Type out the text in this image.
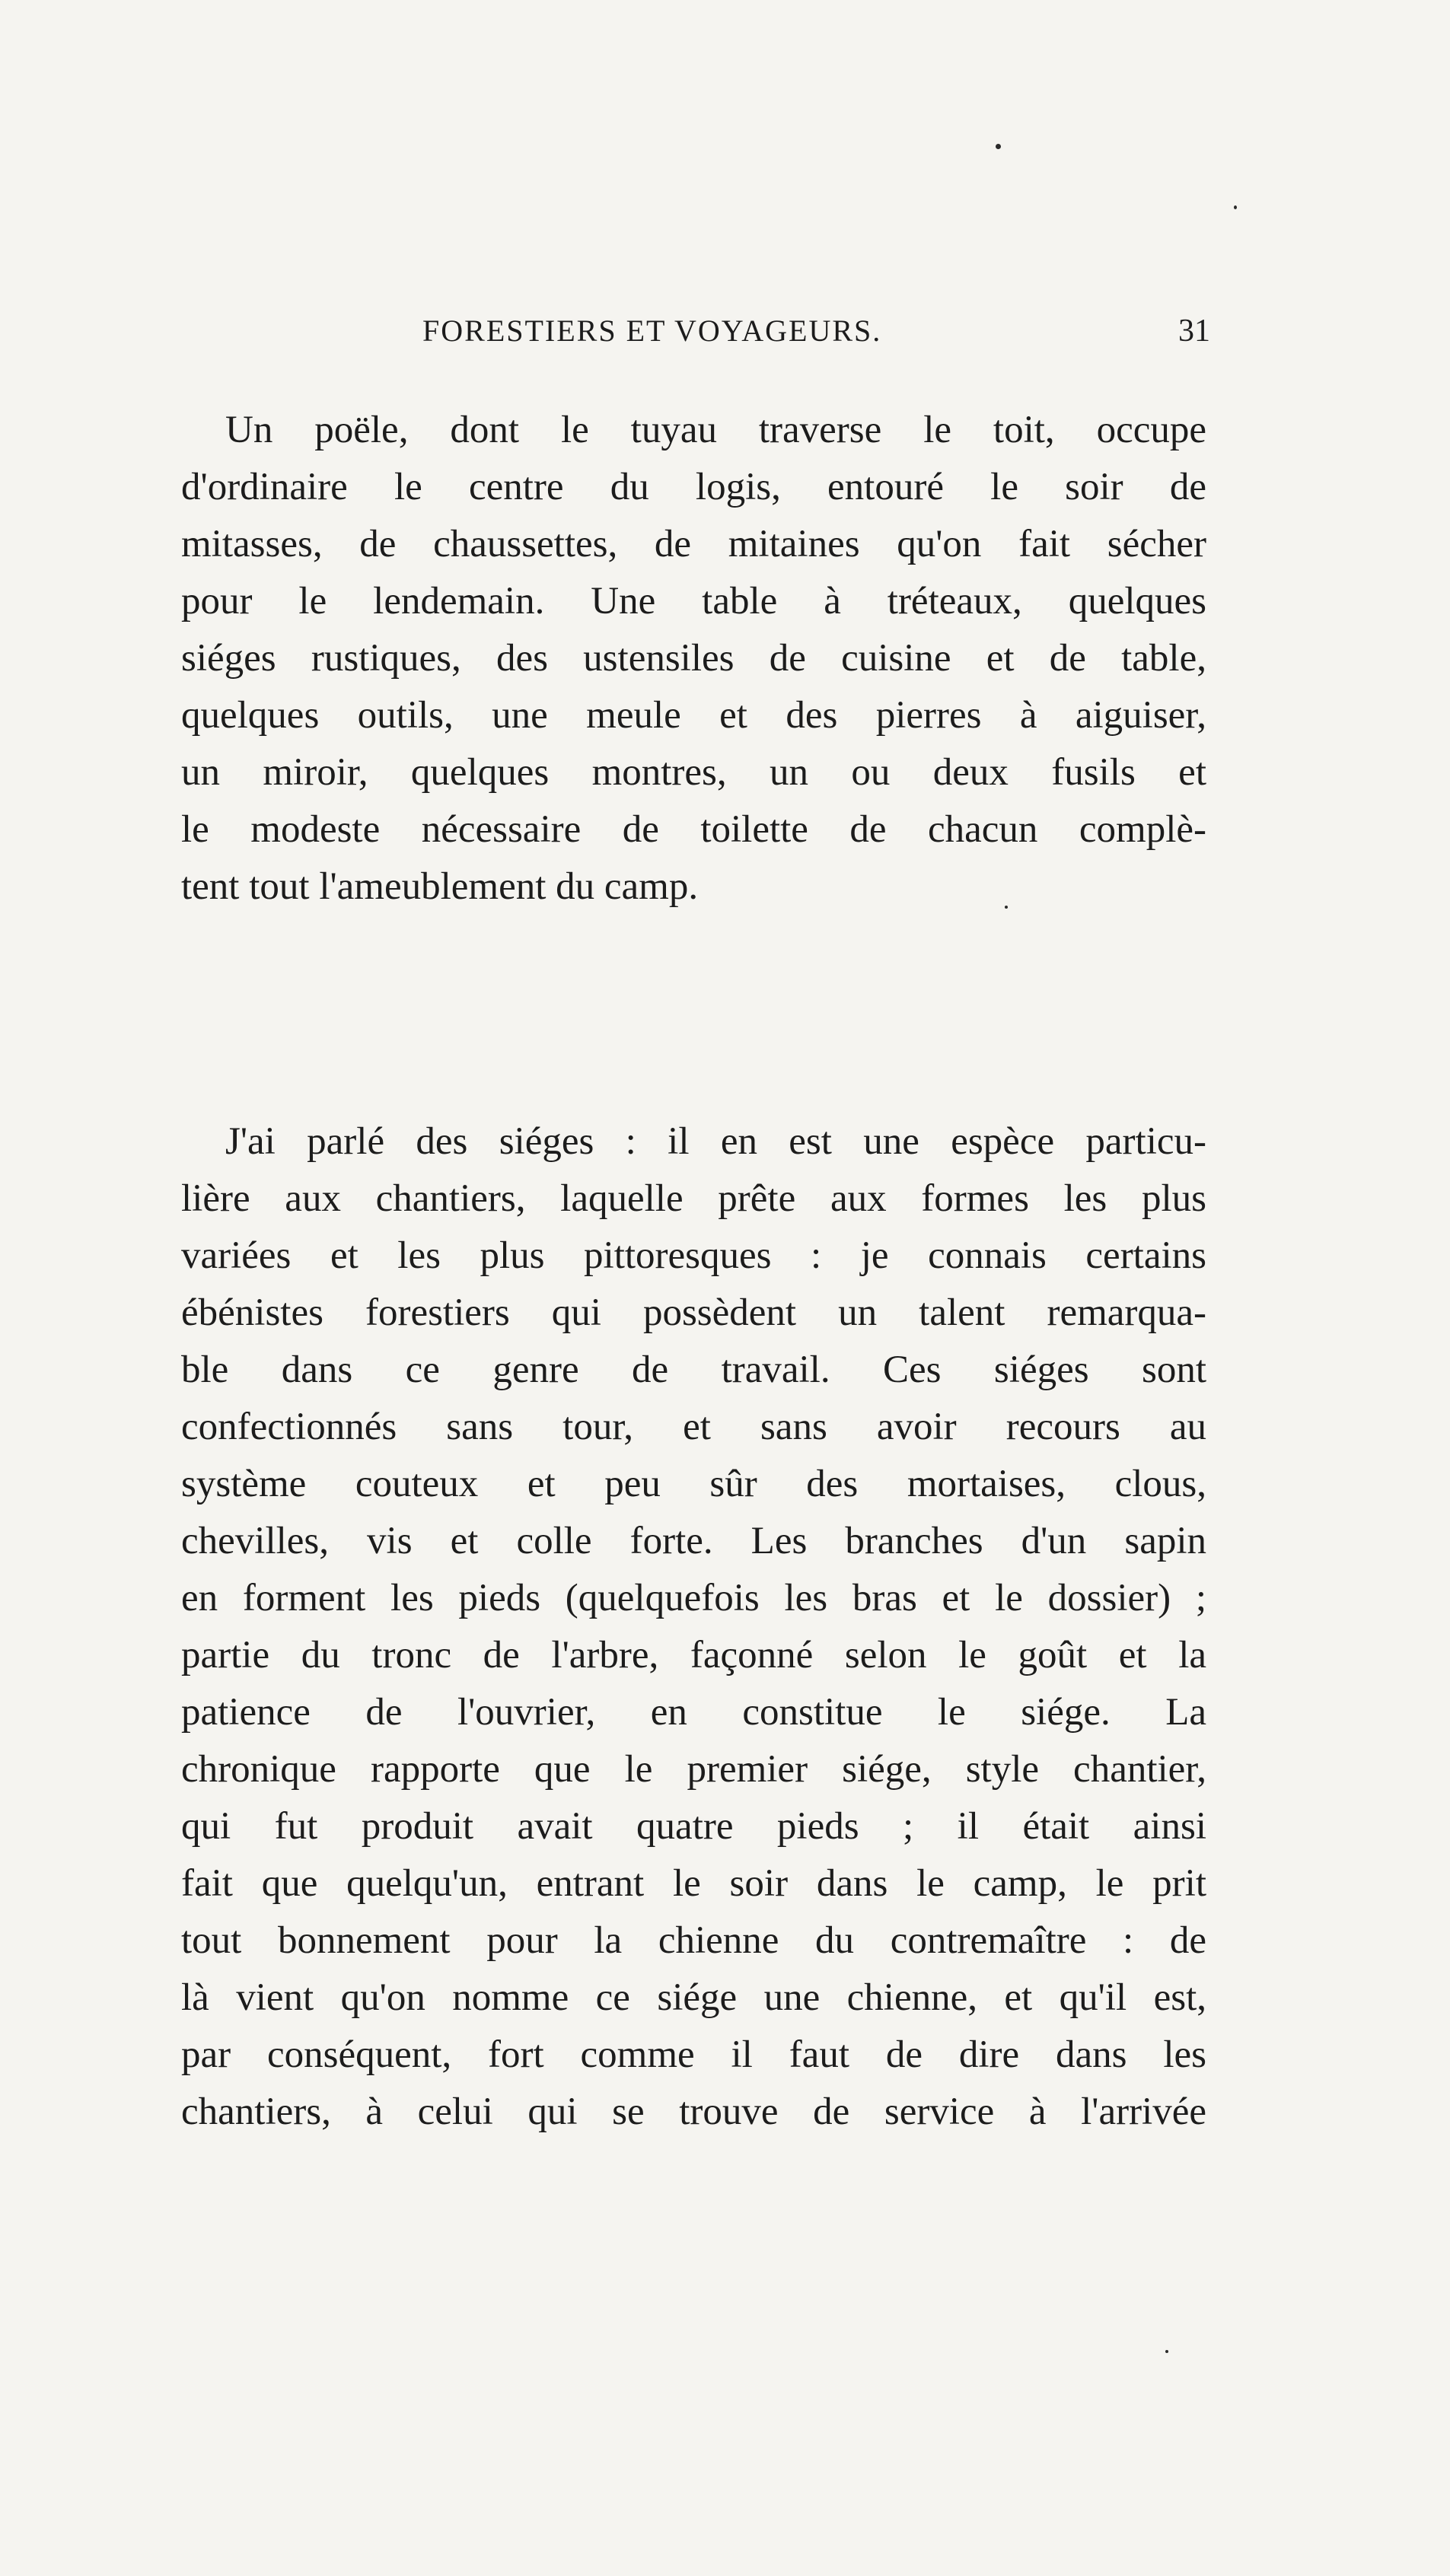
FORESTIERS ET VOYAGEURS.	31
Un poële, dont le tuyau traverse le toit, occupe
d'ordinaire le centre du logis, entouré le soir de
mitasses, de chaussettes, de mitaines qu'on fait sécher
pour le lendemain. Une table à tréteaux, quelques
siéges rustiques, des ustensiles de cuisine et de table,
quelques outils, une meule et des pierres à aiguiser,
un miroir, quelques montres, un ou deux fusils et
le modeste nécessaire de toilette de chacun complè-
tent tout l'ameublement du camp.
J'ai parlé des siéges : il en est une espèce particu-
lière aux chantiers, laquelle prête aux formes les plus
variées et les plus pittoresques : je connais certains
ébénistes forestiers qui possèdent un talent remarqua-
ble dans ce genre de travail. Ces siéges sont
confectionnés sans tour, et sans avoir recours au
système couteux et peu sûr des mortaises, clous,
chevilles, vis et colle forte. Les branches d'un sapin
en forment les pieds (quelquefois les bras et le dossier) ;
partie du tronc de l'arbre, façonné selon le goût et la
patience de l'ouvrier, en constitue le siége. La
chronique rapporte que le premier siége, style chantier,
qui fut produit avait quatre pieds ; il était ainsi
fait que quelqu'un, entrant le soir dans le camp, le prit
tout bonnement pour la chienne du contremaître : de
là vient qu'on nomme ce siége une chienne, et qu'il est,
par conséquent, fort comme il faut de dire dans les
chantiers, à celui qui se trouve de service à l'arrivée
